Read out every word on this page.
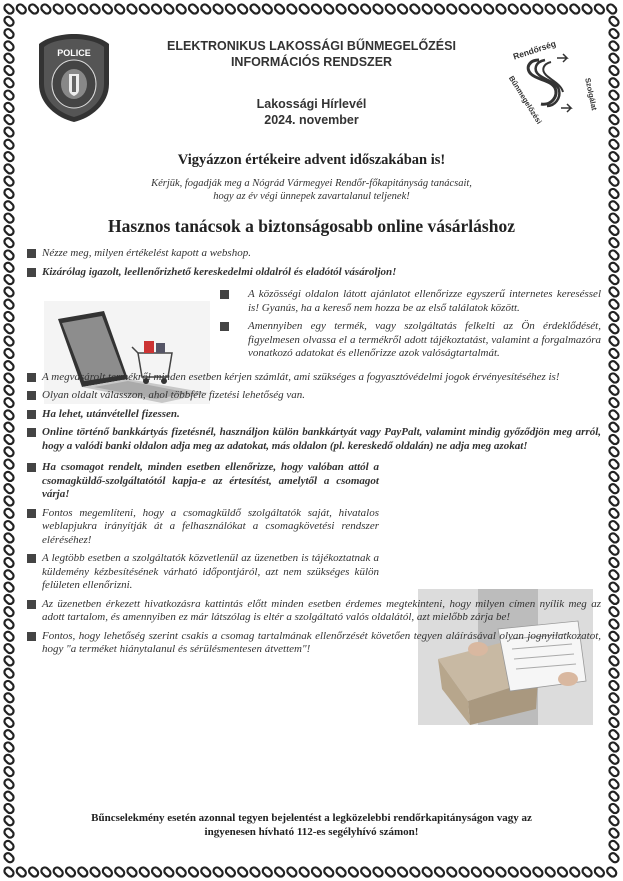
POLICE	ELEKTRONIKUS LAKOSSÁGI BŰNMEGELŐZÉSI
INFORMÁCIÓS RENDSZER
Lakossági Hírlevél
2024. november
Rendőrség
Bűnmegelőzési	Szolgálat
Vigyázzon értékeire advent időszakában is!
Kérjük, fogadják meg a Nógrád Vármegyei Rendőr-főkapitányság tanácsait,
hogy az év végi ünnepek zavartalanul teljenek!
Hasznos tanácsok a biztonságosabb online vásárláshoz
Nézze meg, milyen értékelést kapott a webshop.
Kizárólag igazolt, leellenőrizhető kereskedelmi oldalról és eladótól vásároljon!
A közösségi oldalon látott ajánlatot ellenőrizze egyszerű internetes kereséssel is! Gyanús, ha a kereső nem hozza be az első találatok között.
Amennyiben egy termék, vagy szolgáltatás felkelti az Ön érdeklődését, figyelmesen olvassa el a termékről adott tájékoztatást, valamint a forgalmazóra vonatkozó adatokat és ellenőrizze azok valóságtartalmát.
A megvásárolt termékről minden esetben kérjen számlát, ami szükséges a fogyasztóvédelmi jogok érvényesítéséhez is!
Olyan oldalt válasszon, ahol többféle fizetési lehetőség van.
Ha lehet, utánvétellel fizessen.
Online történő bankkártyás fizetésnél, használjon külön bankkártyát vagy PayPalt, valamint mindig győződjön meg arról, hogy a valódi banki oldalon adja meg az adatokat, más oldalon (pl. kereskedő oldalán) ne adja meg azokat!
Ha csomagot rendelt, minden esetben ellenőrizze, hogy valóban attól a csomagküldő-szolgáltatótól kapja-e az értesítést, amelytől a csomagot várja!
Fontos megemlíteni, hogy a csomagküldő szolgáltatók saját, hivatalos weblapjukra irányítják át a felhasználókat a csomagkövetési rendszer eléréséhez!
A legtöbb esetben a szolgáltatók közvetlenül az üzenetben is tájékoztatnak a küldemény kézbesítésének várható időpontjáról, azt nem szükséges külön felületen ellenőrizni.
Az üzenetben érkezett hivatkozásra kattintás előtt minden esetben érdemes megtekinteni, hogy milyen címen nyílik meg az adott tartalom, és amennyiben ez már látszólag is eltér a szolgáltató valós oldalától, azt mielőbb zárja be!
Fontos, hogy lehetőség szerint csakis a csomag tartalmának ellenőrzését követően tegyen aláírásával olyan jognyilatkozatot, hogy "a terméket hiánytalanul és sérülésmentesen átvettem"!
Bűncselekmény esetén azonnal tegyen bejelentést a legközelebbi rendőrkapitányságon vagy az
ingyenesen hívható 112-es segélyhívó számon!
